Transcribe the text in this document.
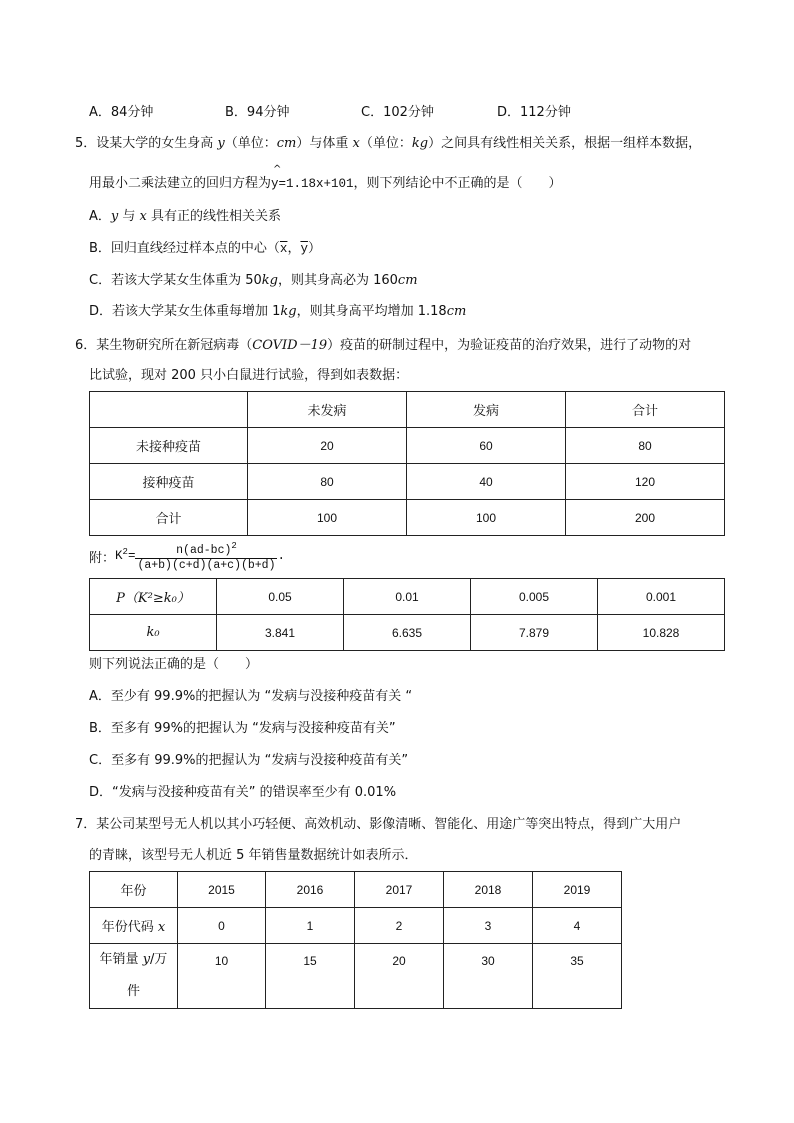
A．84分钟	B．94分钟	C．102分钟	D．112分钟
5．设某大学的女生身高 y（单位：cm）与体重 x（单位：kg）之间具有线性相关关系，根据一组样本数据，
用最小二乘法建立的回归方程为
^
y=1.18x+101，则下列结论中不正确的是（　　）
A．y 与 x 具有正的线性相关关系
B．回归直线经过样本点的中心（$\overline{x}$，$\overline{y}$）
C．若该大学某女生体重为 50kg，则其身高必为 160cm
D．若该大学某女生体重每增加 1kg，则其身高平均增加 1.18cm
6．某生物研究所在新冠病毒（COVID－19）疫苗的研制过程中，为验证疫苗的治疗效果，进行了动物的对
比试验，现对 200 只小白鼠进行试验，得到如表数据：
	未发病	发病	合计
未接种疫苗	20	60	80
接种疫苗	80	40	120
合计	100	100	200
附： $K^2 = \frac{n(ad-bc)^2}{(a+b)(c+d)(a+c)(b+d)}$ .
P（K²≥k₀）	0.05	0.01	0.005	0.001
k₀	3.841	6.635	7.879	10.828
则下列说法正确的是（　　）
A．至少有 99.9%的把握认为 “发病与没接种疫苗有关 “
B．至多有 99%的把握认为 “发病与没接种疫苗有关”
C．至多有 99.9%的把握认为 “发病与没接种疫苗有关”
D．“发病与没接种疫苗有关” 的错误率至少有 0.01%
7．某公司某型号无人机以其小巧轻便、高效机动、影像清晰、智能化、用途广等突出特点，得到广大用户
的青睐，该型号无人机近 5 年销售量数据统计如表所示．
年份	2015	2016	2017	2018	2019
年份代码 x	0	1	2	3	4
年销量 y/万
件	10	15	20	30	35
